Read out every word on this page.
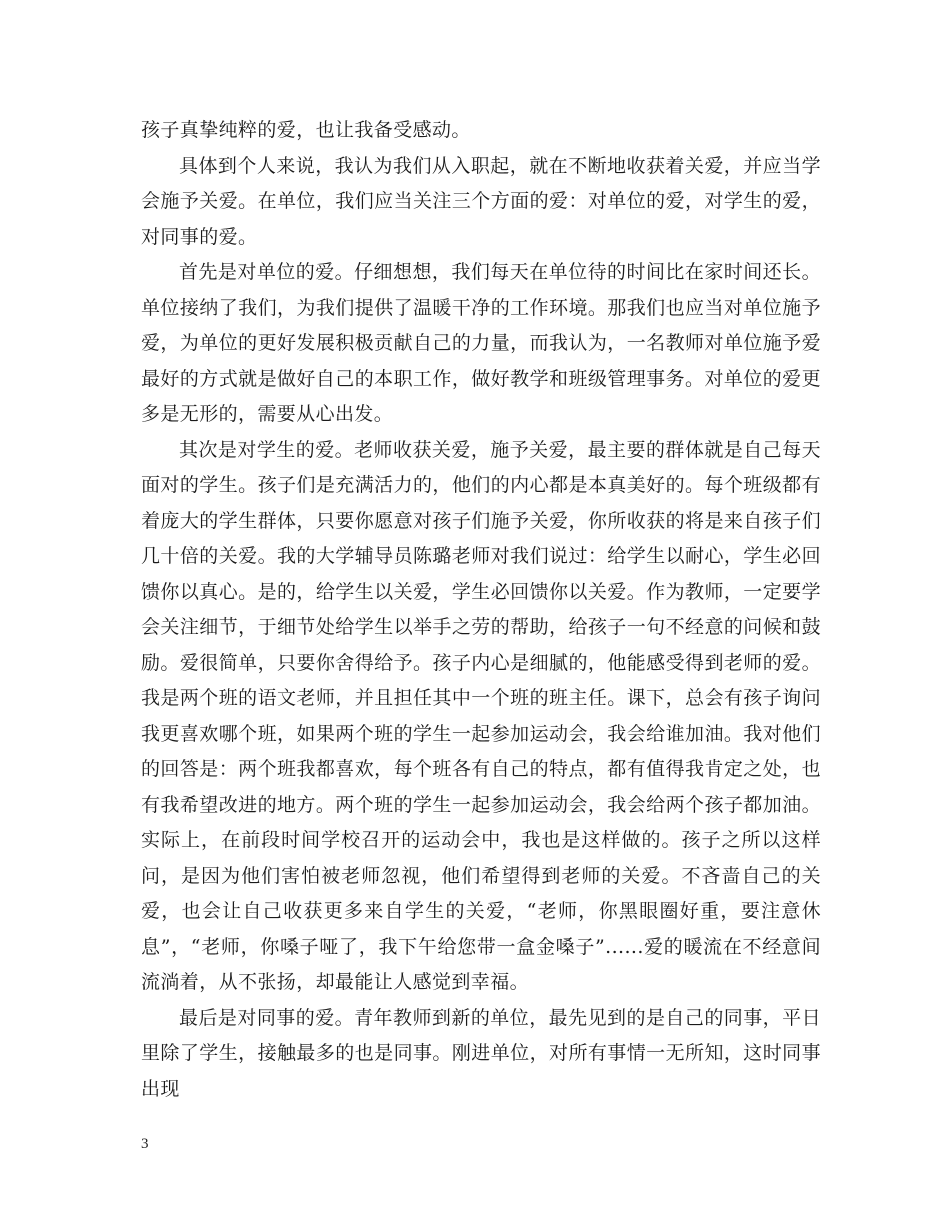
孩子真挚纯粹的爱，也让我备受感动。

具体到个人来说，我认为我们从入职起，就在不断地收获着关爱，并应当学会施予关爱。在单位，我们应当关注三个方面的爱：对单位的爱，对学生的爱，对同事的爱。

首先是对单位的爱。仔细想想，我们每天在单位待的时间比在家时间还长。单位接纳了我们，为我们提供了温暖干净的工作环境。那我们也应当对单位施予爱，为单位的更好发展积极贡献自己的力量，而我认为，一名教师对单位施予爱最好的方式就是做好自己的本职工作，做好教学和班级管理事务。对单位的爱更多是无形的，需要从心出发。

其次是对学生的爱。老师收获关爱，施予关爱，最主要的群体就是自己每天面对的学生。孩子们是充满活力的，他们的内心都是本真美好的。每个班级都有着庞大的学生群体，只要你愿意对孩子们施予关爱，你所收获的将是来自孩子们几十倍的关爱。我的大学辅导员陈璐老师对我们说过：给学生以耐心，学生必回馈你以真心。是的，给学生以关爱，学生必回馈你以关爱。作为教师，一定要学会关注细节，于细节处给学生以举手之劳的帮助，给孩子一句不经意的问候和鼓励。爱很简单，只要你舍得给予。孩子内心是细腻的，他能感受得到老师的爱。我是两个班的语文老师，并且担任其中一个班的班主任。课下，总会有孩子询问我更喜欢哪个班，如果两个班的学生一起参加运动会，我会给谁加油。我对他们的回答是：两个班我都喜欢，每个班各有自己的特点，都有值得我肯定之处，也有我希望改进的地方。两个班的学生一起参加运动会，我会给两个孩子都加油。实际上，在前段时间学校召开的运动会中，我也是这样做的。孩子之所以这样问，是因为他们害怕被老师忽视，他们希望得到老师的关爱。不吝啬自己的关爱，也会让自己收获更多来自学生的关爱，“老师，你黑眼圈好重，要注意休息”，“老师，你嗓子哑了，我下午给您带一盒金嗓子”......爱的暖流在不经意间流淌着，从不张扬，却最能让人感觉到幸福。

最后是对同事的爱。青年教师到新的单位，最先见到的是自己的同事，平日里除了学生，接触最多的也是同事。刚进单位，对所有事情一无所知，这时同事出现

3
